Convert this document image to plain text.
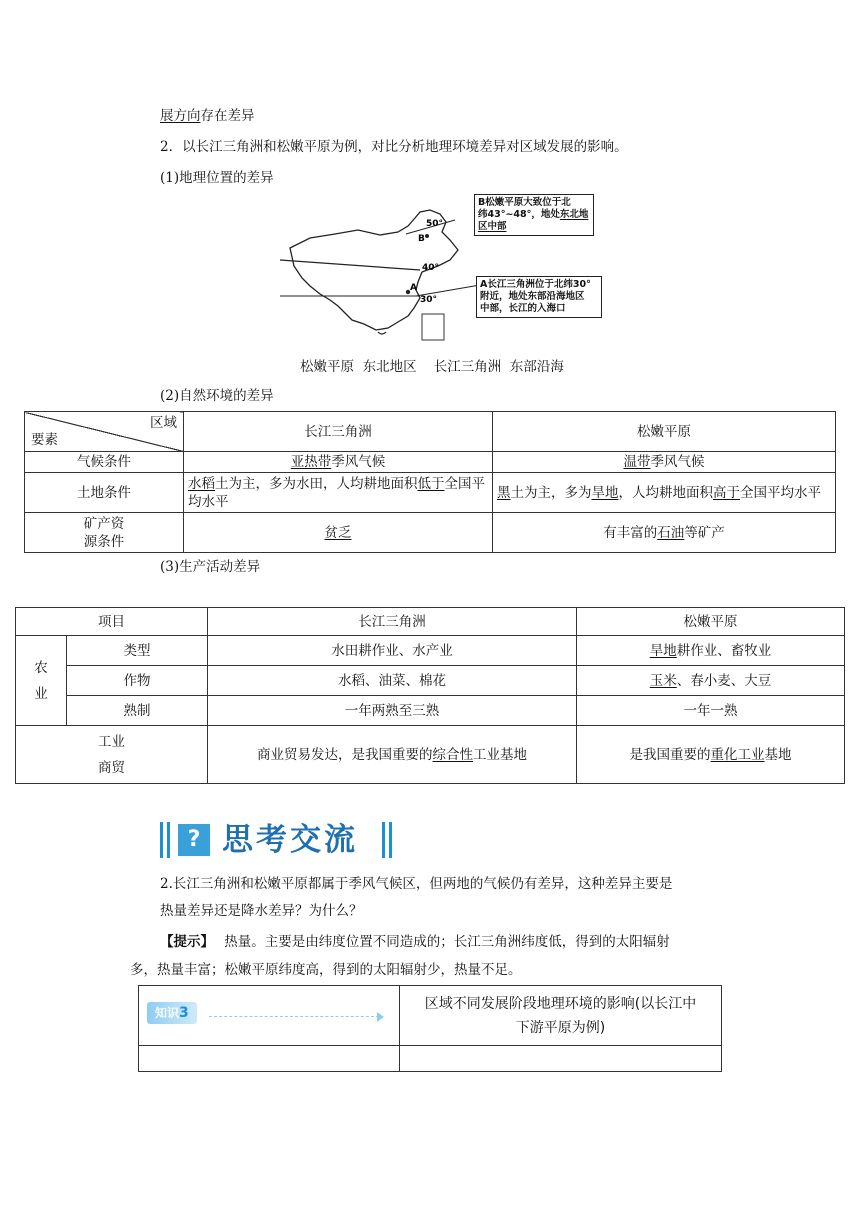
展方向存在差异
2．以长江三角洲和松嫩平原为例，对比分析地理环境差异对区域发展的影响。
(1)地理位置的差异
50°
40°
30°
B
A
B松嫩平原大致位于北
纬43°~48°，地处东北地
区中部
A长江三角洲位于北纬30°
附近，地处东部沿海地区
中部，长江的入海口
松嫩平原  东北地区    长江三角洲  东部沿海
(2)自然环境的差异
区域
要素	长江三角洲	松嫩平原
气候条件	亚热带季风气候	温带季风气候
土地条件	水稻土为主，多为水田，人均耕地面积低于全国平均水平	黑土为主，多为旱地，人均耕地面积高于全国平均水平

矿产资
源条件	贫乏	有丰富的石油等矿产
(3)生产活动差异
项目		长江三角洲	松嫩平原

农
业	类型	水田耕作业、水产业	旱地耕作业、畜牧业
	作物	水稻、油菜、棉花	玉米、春小麦、大豆
	熟制	一年两熟至三熟	一年一熟

工业
商贸		商业贸易发达，是我国重要的综合性工业基地	是我国重要的重化工业基地
? 思考交流
2.长江三角洲和松嫩平原都属于季风气候区，但两地的气候仍有差异，这种差异主要是
热量差异还是降水差异？为什么？
【提示】 热量。主要是由纬度位置不同造成的；长江三角洲纬度低，得到的太阳辐射
多，热量丰富；松嫩平原纬度高，得到的太阳辐射少，热量不足。
知识3	区域不同发展阶段地理环境的影响(以长江中
下游平原为例)
